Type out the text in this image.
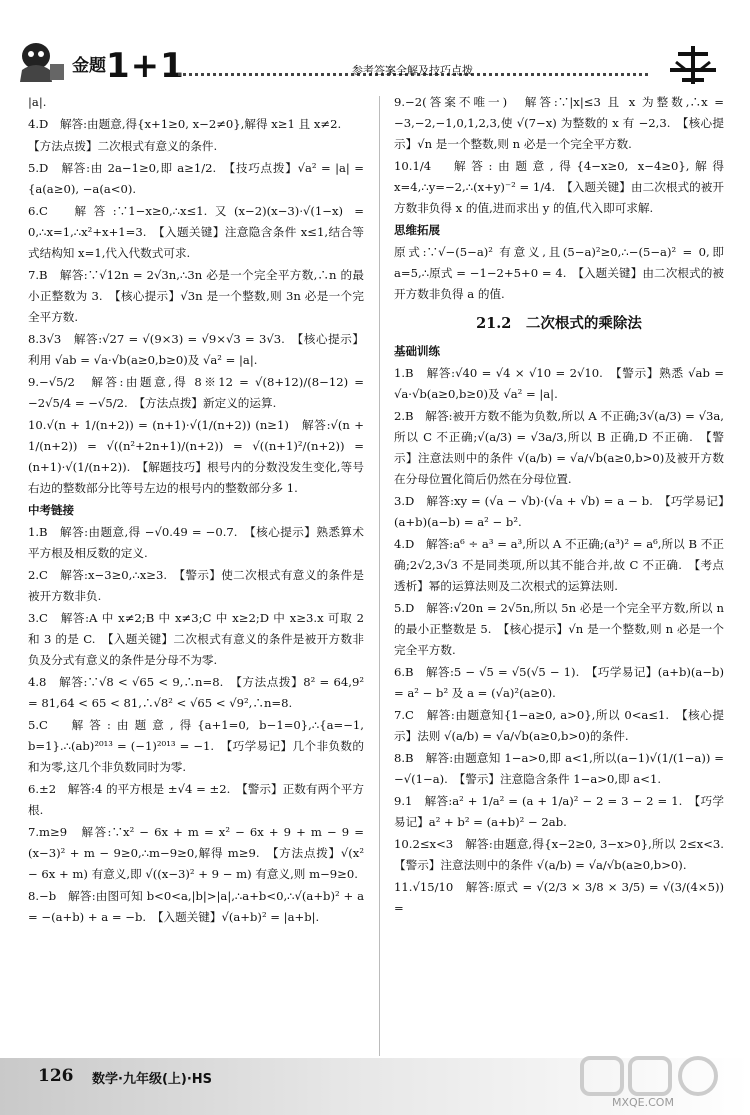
金题1+1	参考答案全解及技巧点拨
|a|.
4.D　解答:由题意,得{x+1≥0, x−2≠0},解得 x≥1 且 x≠2.
【方法点拨】二次根式有意义的条件.
5.D　解答:由 2a−1≥0,即 a≥1/2.　【技巧点拨】√a² = |a| = {a(a≥0), −a(a<0).
6.C　解答:∵1−x≥0,∴x≤1.又(x−2)(x−3)·√(1−x) = 0,∴x=1,∴x²+x+1=3.　【入题关键】注意隐含条件 x≤1,结合等式结构知 x=1,代入代数式可求.
7.B　解答:∵√12n = 2√3n,∴3n 必是一个完全平方数,∴n 的最小正整数为 3.　【核心提示】√3n 是一个整数,则 3n 必是一个完全平方数.
8.3√3　解答:√27 = √(9×3) = √9×√3 = 3√3.　【核心提示】利用 √ab = √a·√b(a≥0,b≥0)及 √a² = |a|.
9.−√5/2　解答:由题意,得 8※12 = √(8+12)/(8−12) = −2√5/4 = −√5/2.　【方法点拨】新定义的运算.
10.√(n + 1/(n+2)) = (n+1)·√(1/(n+2)) (n≥1)　解答:√(n + 1/(n+2)) = √((n²+2n+1)/(n+2)) = √((n+1)²/(n+2)) = (n+1)·√(1/(n+2)).　【解题技巧】根号内的分数没发生变化,等号右边的整数部分比等号左边的根号内的整数部分多 1.
中考链接
1.B　解答:由题意,得 −√0.49 = −0.7.　【核心提示】熟悉算术平方根及相反数的定义.
2.C　解答:x−3≥0,∴x≥3.　【警示】使二次根式有意义的条件是被开方数非负.
3.C　解答:A 中 x≠2;B 中 x≠3;C 中 x≥2;D 中 x≥3.x 可取 2 和 3 的是 C.　【入题关键】二次根式有意义的条件是被开方数非负及分式有意义的条件是分母不为零.
4.8　解答:∵√8 < √65 < 9,∴n=8.　【方法点拨】8² = 64,9² = 81,64 < 65 < 81,∴√8² < √65 < √9²,∴n=8.
5.C　解答:由题意,得{a+1=0, b−1=0},∴{a=−1, b=1}.∴(ab)²⁰¹³ = (−1)²⁰¹³ = −1.　【巧学易记】几个非负数的和为零,这几个非负数同时为零.
6.±2　解答:4 的平方根是 ±√4 = ±2.　【警示】正数有两个平方根.
7.m≥9　解答:∵x² − 6x + m = x² − 6x + 9 + m − 9 = (x−3)² + m − 9≥0,∴m−9≥0,解得 m≥9.　【方法点拨】√(x² − 6x + m) 有意义,即 √((x−3)² + 9 − m) 有意义,则 m−9≥0.
8.−b　解答:由图可知 b<0<a,|b|>|a|,∴a+b<0,∴√(a+b)² + a = −(a+b) + a = −b.　【入题关键】√(a+b)² = |a+b|.
9.−2(答案不唯一)　解答:∵|x|≤3 且 x 为整数,∴x = −3,−2,−1,0,1,2,3,使 √(7−x) 为整数的 x 有 −2,3.　【核心提示】√n 是一个整数,则 n 必是一个完全平方数.
10.1/4　解答:由题意,得{4−x≥0, x−4≥0},解得 x=4,∴y=−2,∴(x+y)⁻² = 1/4.　【入题关键】由二次根式的被开方数非负得 x 的值,进而求出 y 的值,代入即可求解.
思维拓展
原式:∵√−(5−a)² 有意义,且(5−a)²≥0,∴−(5−a)² = 0,即 a=5,∴原式 = −1−2+5+0 = 4.　【入题关键】由二次根式的被开方数非负得 a 的值.
21.2　二次根式的乘除法
基础训练
1.B　解答:√40 = √4 × √10 = 2√10.　【警示】熟悉 √ab = √a·√b(a≥0,b≥0)及 √a² = |a|.
2.B　解答:被开方数不能为负数,所以 A 不正确;3√(a/3) = √3a,所以 C 不正确;√(a/3) = √3a/3,所以 B 正确,D 不正确.　【警示】注意法则中的条件 √(a/b) = √a/√b(a≥0,b>0)及被开方数在分母位置化简后仍然在分母位置.
3.D　解答:xy = (√a − √b)·(√a + √b) = a − b.　【巧学易记】(a+b)(a−b) = a² − b².
4.D　解答:a⁶ ÷ a³ = a³,所以 A 不正确;(a³)² = a⁶,所以 B 不正确;2√2,3√3 不是同类项,所以其不能合并,故 C 不正确.　【考点透析】幂的运算法则及二次根式的运算法则.
5.D　解答:√20n = 2√5n,所以 5n 必是一个完全平方数,所以 n 的最小正整数是 5.　【核心提示】√n 是一个整数,则 n 必是一个完全平方数.
6.B　解答:5 − √5 = √5(√5 − 1).　【巧学易记】(a+b)(a−b) = a² − b² 及 a = (√a)²(a≥0).
7.C　解答:由题意知{1−a≥0, a>0},所以 0<a≤1.　【核心提示】法则 √(a/b) = √a/√b(a≥0,b>0)的条件.
8.B　解答:由题意知 1−a>0,即 a<1,所以(a−1)√(1/(1−a)) = −√(1−a).　【警示】注意隐含条件 1−a>0,即 a<1.
9.1　解答:a² + 1/a² = (a + 1/a)² − 2 = 3 − 2 = 1.　【巧学易记】a² + b² = (a+b)² − 2ab.
10.2≤x<3　解答:由题意,得{x−2≥0, 3−x>0},所以 2≤x<3.　【警示】注意法则中的条件 √(a/b) = √a/√b(a≥0,b>0).
11.√15/10　解答:原式 = √(2/3 × 3/8 × 3/5) = √(3/(4×5)) =
126 数学·九年级(上)·HS
MXQE.COM
